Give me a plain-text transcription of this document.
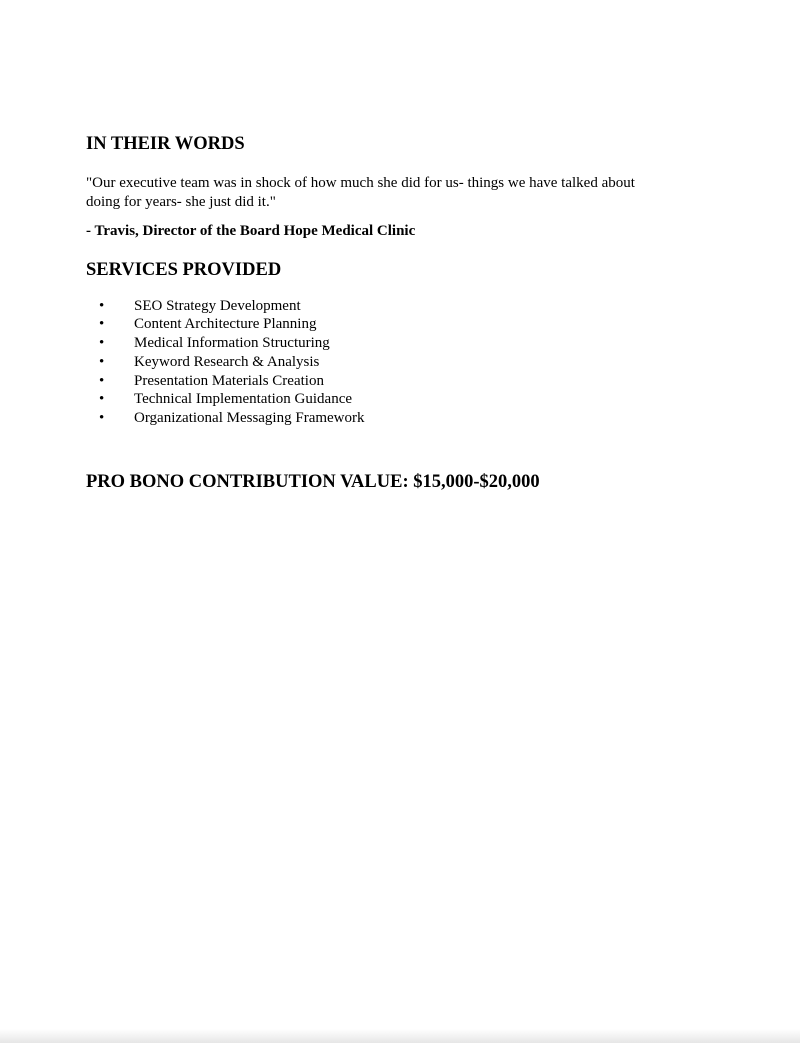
IN THEIR WORDS

"Our executive team was in shock of how much she did for us- things we have talked about
doing for years- she just did it."

- Travis, Director of the Board Hope Medical Clinic

SERVICES PROVIDED
• SEO Strategy Development
• Content Architecture Planning
• Medical Information Structuring
• Keyword Research & Analysis
• Presentation Materials Creation
• Technical Implementation Guidance
• Organizational Messaging Framework
PRO BONO CONTRIBUTION VALUE: $15,000-$20,000
